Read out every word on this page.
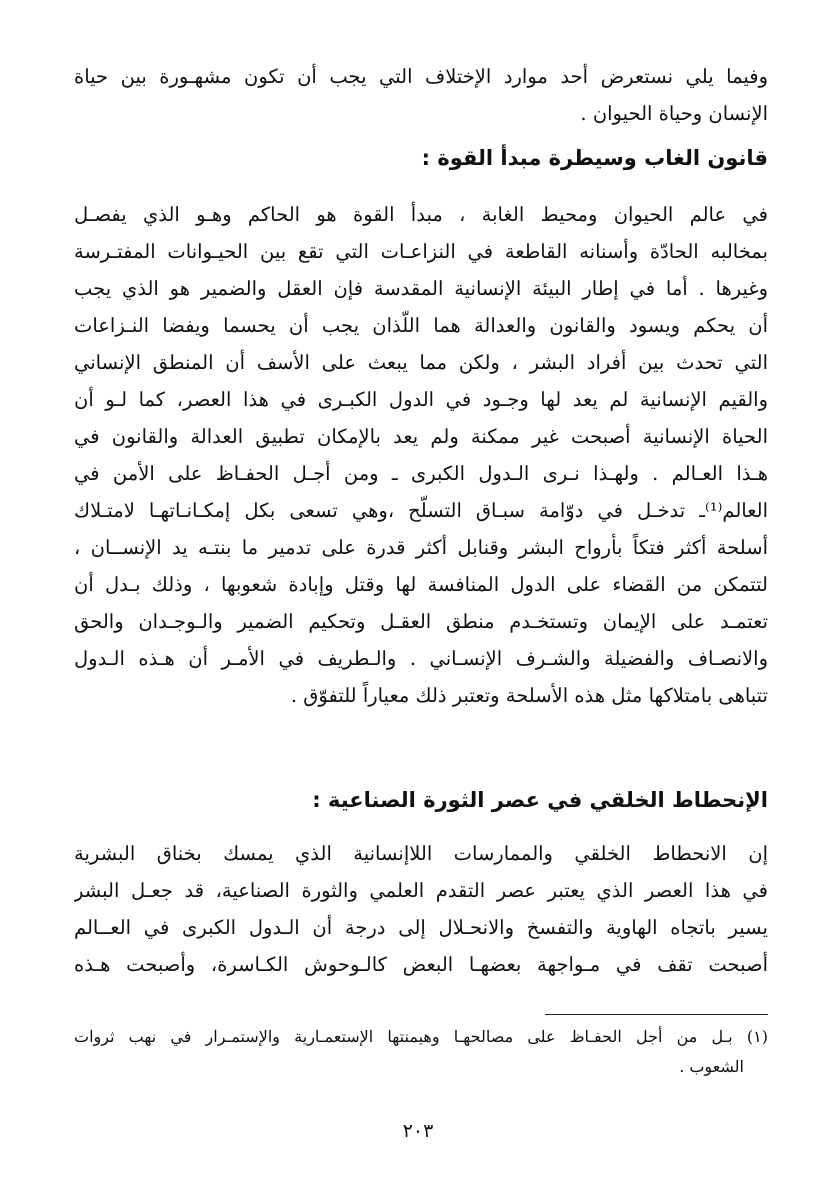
وفيما يلي نستعرض أحد موارد الإختلاف التي يجب أن تكون مشهـورة بين حياة
الإنسان وحياة الحيوان .
قانون الغاب وسيطرة مبدأ القوة :
في عالم الحيوان ومحيط الغابة ، مبدأ القوة هو الحاكم وهـو الذي يفصـل
بمخالبه الحادّة وأسنانه القاطعة في النزاعـات التي تقع بين الحيـوانات المفتـرسة
وغيرها . أما في إطار البيئة الإنسانية المقدسة فإن العقل والضمير هو الذي يجب
أن يحكم ويسود والقانون والعدالة هما اللّذان يجب أن يحسما ويفضا النـزاعات
التي تحدث بين أفراد البشر ، ولكن مما يبعث على الأسف أن المنطق الإنساني
والقيم الإنسانية لم يعد لها وجـود في الدول الكبـرى في هذا العصر، كما لـو أن
الحياة الإنسانية أصبحت غير ممكنة ولم يعد بالإمكان تطبيق العدالة والقانون في
هـذا العـالم . ولهـذا نـرى الـدول الكبرى ـ ومن أجـل الحفـاظ على الأمن في
العالم⁽¹⁾ـ تدخـل في دوّامة سبـاق التسلّح ،وهي تسعى بكل إمكـانـاتهـا لامتـلاك
أسلحة أكثر فتكاً بأرواح البشر وقنابل أكثر قدرة على تدمير ما بنتـه يد الإنســان ،
لتتمكن من القضاء على الدول المنافسة لها وقتل وإبادة شعوبها ، وذلك بـدل أن
تعتمـد على الإيمان وتستخـدم منطق العقـل وتحكيم الضمير والـوجـدان والحق
والانصـاف والفضيلة والشـرف الإنسـاني . والـطريف في الأمـر أن هـذه الـدول
تتباهى بامتلاكها مثل هذه الأسلحة وتعتبر ذلك معياراً للتفوّق .
الإنحطاط الخلقي في عصر الثورة الصناعية :
إن الانحطاط الخلقي والممارسات اللاإنسانية الذي يمسك بخناق البشرية
في هذا العصر الذي يعتبر عصر التقدم العلمي والثورة الصناعية، قد جعـل البشر
يسير باتجاه الهاوية والتفسخ والانحـلال إلى درجة أن الـدول الكبرى في العــالم
أصبحت تقف في مـواجهة بعضهـا البعض كالـوحوش الكـاسرة، وأصبحت هـذه
(١) بـل من أجل الحفـاظ على مصالحهـا وهيمنتها الإستعمـارية والإستمـرار في نهب ثروات
الشعوب .
٢٠٣
